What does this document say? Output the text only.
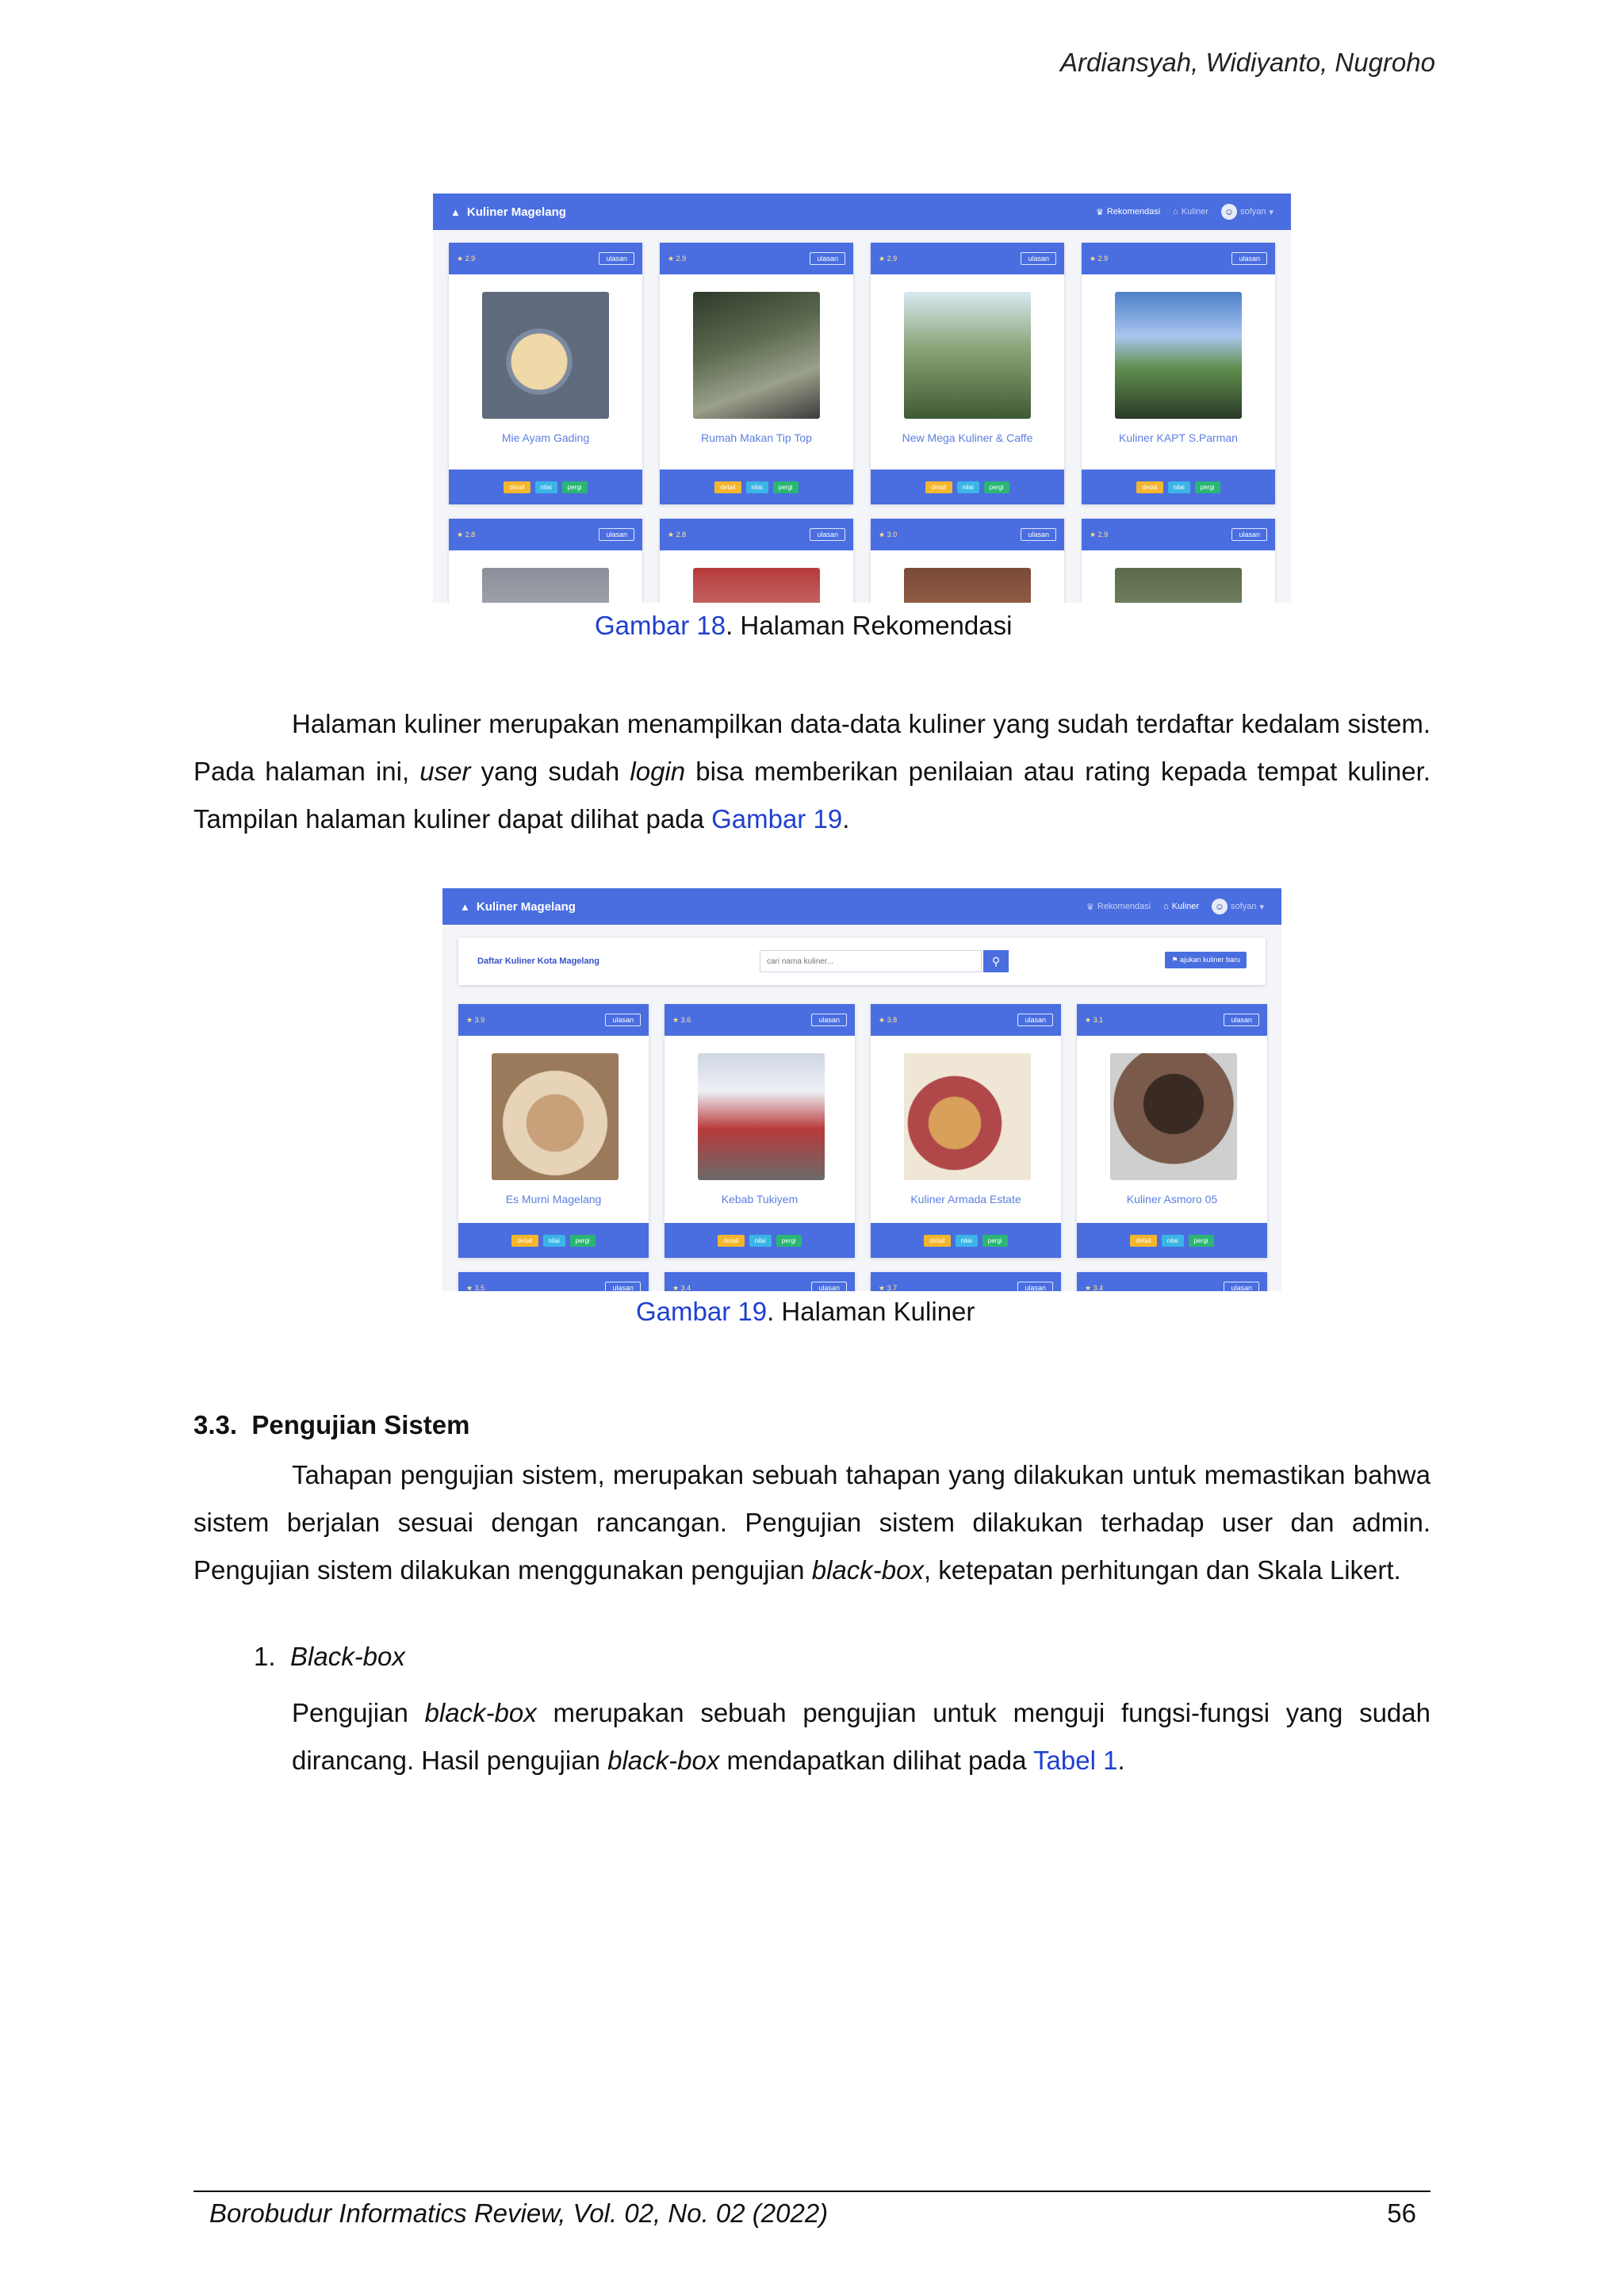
Ardiansyah, Widiyanto, Nugroho
▲ Kuliner Magelang	♛ Rekomendasi ⌂ Kuliner	☺ sofyan ▾
★ 2.9	ulasan
Mie Ayam Gading
detail	nilai	pergi
★ 2.9	ulasan
Rumah Makan Tip Top
detail	nilai	pergi
★ 2.9	ulasan
New Mega Kuliner & Caffe
detail	nilai	pergi
★ 2.9	ulasan
Kuliner KAPT S.Parman
detail	nilai	pergi
★ 2.8	ulasan	★ 2.8	ulasan	★ 3.0	ulasan	★ 2.9	ulasan
Gambar 18. Halaman Rekomendasi
Halaman kuliner merupakan menampilkan data-data kuliner yang sudah terdaftar kedalam sistem. Pada halaman ini, user yang sudah login bisa memberikan penilaian atau rating kepada tempat kuliner. Tampilan halaman kuliner dapat dilihat pada Gambar 19.
▲ Kuliner Magelang	♛ Rekomendasi ⌂ Kuliner	☺ sofyan ▾
Daftar Kuliner Kota Magelang
cari nama kuliner...	⚲	⚑ ajukan kuliner baru
★ 3.9	ulasan
Es Murni Magelang
detail	nilai	pergi
★ 3.6	ulasan
Kebab Tukiyem
detail	nilai	pergi
★ 3.8	ulasan
Kuliner Armada Estate
detail	nilai	pergi
★ 3.1	ulasan
Kuliner Asmoro 05
detail	nilai	pergi
★ 3.5	ulasan	★ 3.4	ulasan	★ 3.7	ulasan	★ 3.4	ulasan
Gambar 19. Halaman Kuliner
3.3. Pengujian Sistem
Tahapan pengujian sistem, merupakan sebuah tahapan yang dilakukan untuk memastikan bahwa sistem berjalan sesuai dengan rancangan. Pengujian sistem dilakukan terhadap user dan admin. Pengujian sistem dilakukan menggunakan pengujian black-box, ketepatan perhitungan dan Skala Likert.
1. Black-box
Pengujian black-box merupakan sebuah pengujian untuk menguji fungsi-fungsi yang sudah dirancang. Hasil pengujian black-box mendapatkan dilihat pada Tabel 1.
Borobudur Informatics Review, Vol. 02, No. 02 (2022)	56
